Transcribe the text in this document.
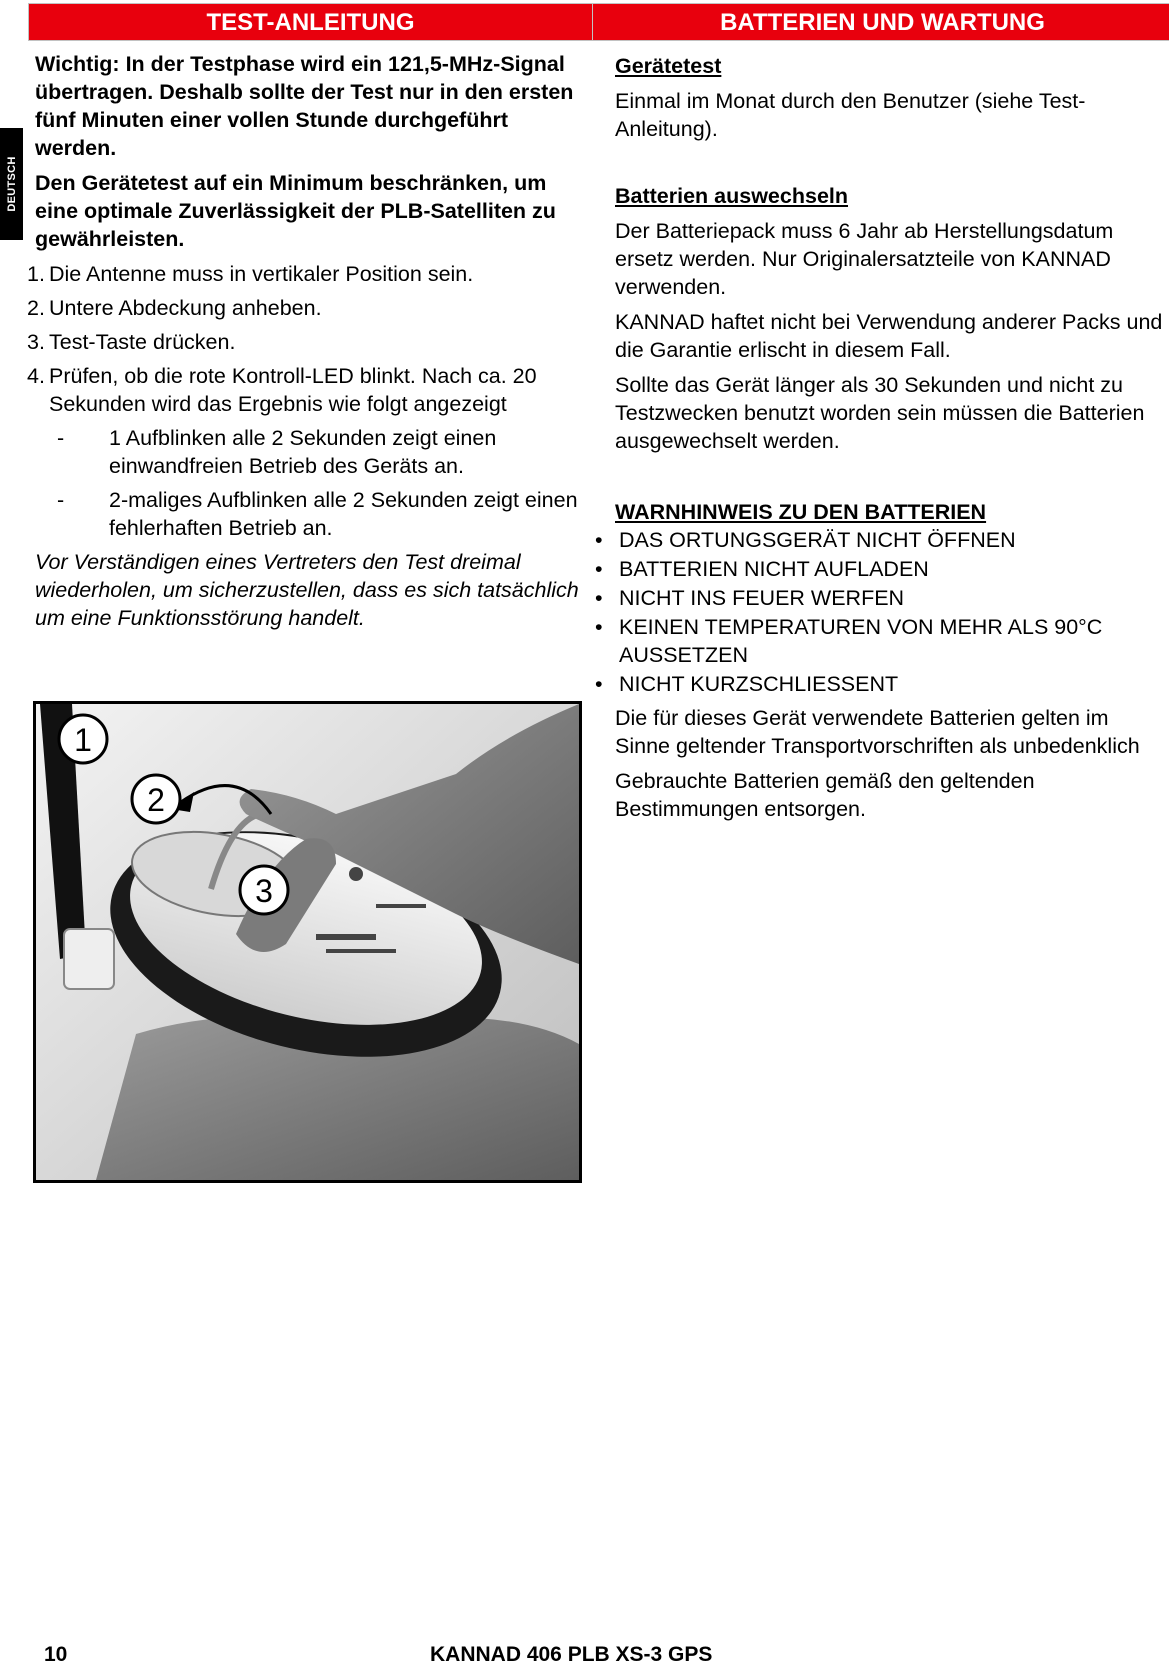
DEUTSCH
TEST-ANLEITUNG	BATTERIEN UND WARTUNG

Wichtig: In der Testphase wird ein 121,5-MHz-Signal übertragen. Deshalb sollte der Test nur in den ersten fünf Minuten einer vollen Stunde durchgeführt werden.

Den Gerätetest auf ein Minimum beschränken, um eine optimale Zuverlässigkeit der PLB-Satelliten zu gewährleisten.

1. Die Antenne muss in vertikaler Position sein.
2. Untere Abdeckung anheben.
3. Test-Taste drücken.
4. Prüfen, ob die rote Kontroll-LED blinkt. Nach ca. 20 Sekunden wird das Ergebnis wie folgt angezeigt
- 1 Aufblinken alle 2 Sekunden zeigt einen einwandfreien Betrieb des Geräts an.
- 2-maliges Aufblinken alle 2 Sekunden zeigt einen fehlerhaften Betrieb an.

Vor Verständigen eines Vertreters den Test dreimal wiederholen, um sicherzustellen, dass es sich tatsächlich um eine Funktionsstörung handelt.

1
2
3

Gerätetest

Einmal im Monat durch den Benutzer (siehe Test-Anleitung).

Batterien auswechseln

Der Batteriepack muss 6 Jahr ab Herstellungsdatum ersetz werden. Nur Originalersatzteile von KANNAD verwenden.

KANNAD haftet nicht bei Verwendung anderer Packs und die Garantie erlischt in diesem Fall.

Sollte das Gerät länger als 30 Sekunden und nicht zu Testzwecken benutzt worden sein müssen die Batterien ausgewechselt werden.

WARNHINWEIS ZU DEN BATTERIEN

• DAS ORTUNGSGERÄT NICHT ÖFFNEN
• BATTERIEN NICHT AUFLADEN
• NICHT INS FEUER WERFEN
• KEINEN TEMPERATUREN VON MEHR ALS 90°C AUSSETZEN
• NICHT KURZSCHLIESSENT

Die für dieses Gerät verwendete Batterien gelten im Sinne geltender Transportvorschriften als unbedenklich

Gebrauchte Batterien gemäß den geltenden Bestimmungen entsorgen.

10	KANNAD 406 PLB XS-3 GPS
